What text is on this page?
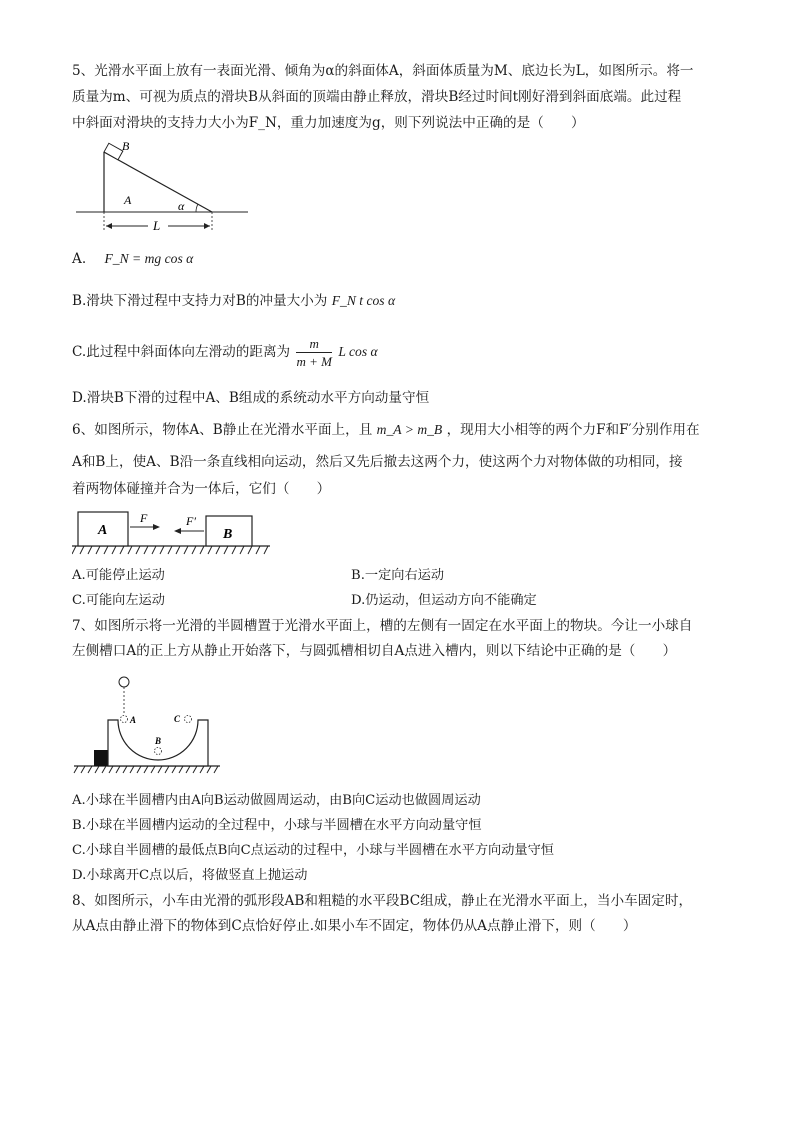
5、光滑水平面上放有一表面光滑、倾角为α的斜面体A，斜面体质量为M、底边长为L，如图所示。将一
质量为m、可视为质点的滑块B从斜面的顶端由静止释放，滑块B经过时间t刚好滑到斜面底端。此过程
中斜面对滑块的支持力大小为F_N，重力加速度为g，则下列说法中正确的是（　　）
B
A	α
L
A. F_N = mg cos α
B.滑块下滑过程中支持力对B的冲量大小为 F_N t cos α
C.此过程中斜面体向左滑动的距离为 $\frac{m}{m + M}$ L cos α
D.滑块B下滑的过程中A、B组成的系统动水平方向动量守恒
6、如图所示，物体A、B静止在光滑水平面上，且 m_A > m_B ，现用大小相等的两个力F和F′分别作用在
A和B上，使A、B沿一条直线相向运动，然后又先后撤去这两个力，使这两个力对物体做的功相同，接
着两物体碰撞并合为一体后，它们（　　）
A	B
F	F′
A.可能停止运动	B.一定向右运动
C.可能向左运动	D.仍运动，但运动方向不能确定
7、如图所示将一光滑的半圆槽置于光滑水平面上，槽的左侧有一固定在水平面上的物块。今让一小球自
左侧槽口A的正上方从静止开始落下，与圆弧槽相切自A点进入槽内，则以下结论中正确的是（　　）
A	C
B
A.小球在半圆槽内由A向B运动做圆周运动，由B向C运动也做圆周运动
B.小球在半圆槽内运动的全过程中，小球与半圆槽在水平方向动量守恒
C.小球自半圆槽的最低点B向C点运动的过程中，小球与半圆槽在水平方向动量守恒
D.小球离开C点以后，将做竖直上抛运动
8、如图所示，小车由光滑的弧形段AB和粗糙的水平段BC组成，静止在光滑水平面上，当小车固定时，
从A点由静止滑下的物体到C点恰好停止.如果小车不固定，物体仍从A点静止滑下，则（　　）
